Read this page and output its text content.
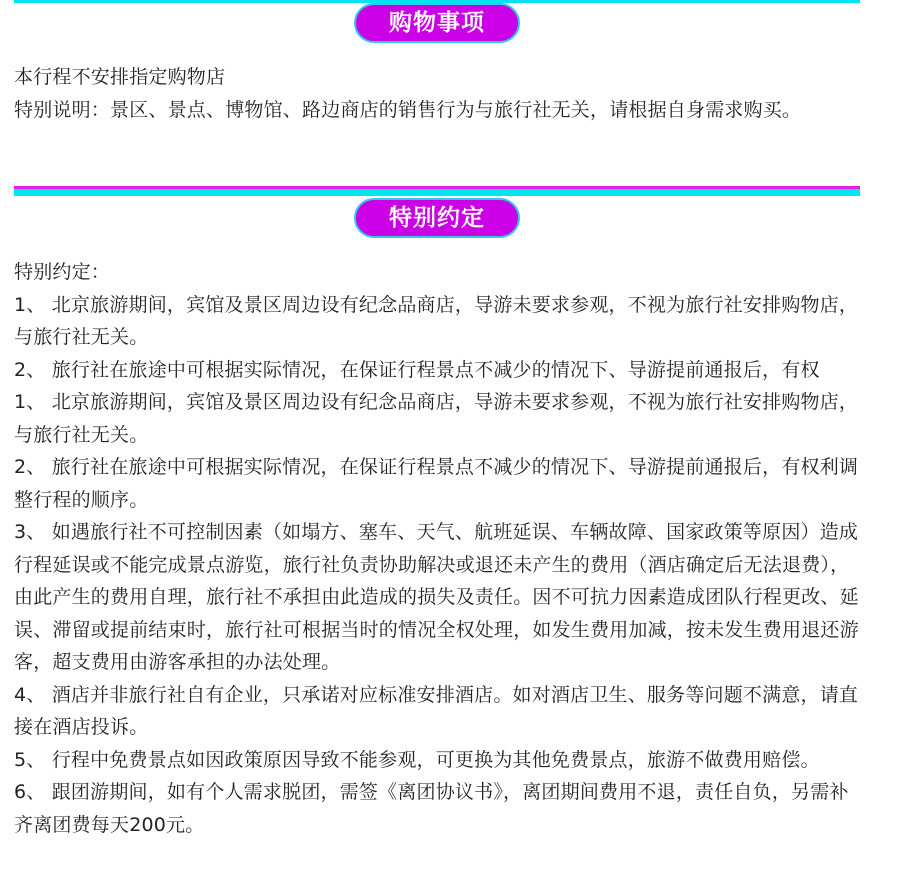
购物事项

本行程不安排指定购物店

特别说明：景区、景点、博物馆、路边商店的销售行为与旅行社无关，请根据自身需求购买。

特别约定

特别约定：

1、 北京旅游期间，宾馆及景区周边设有纪念品商店，导游未要求参观，不视为旅行社安排购物店，与旅行社无关。

2、 旅行社在旅途中可根据实际情况，在保证行程景点不减少的情况下、导游提前通报后，有权

1、 北京旅游期间，宾馆及景区周边设有纪念品商店，导游未要求参观，不视为旅行社安排购物店，与旅行社无关。

2、 旅行社在旅途中可根据实际情况，在保证行程景点不减少的情况下、导游提前通报后，有权利调整行程的顺序。

3、 如遇旅行社不可控制因素（如塌方、塞车、天气、航班延误、车辆故障、国家政策等原因）造成行程延误或不能完成景点游览，旅行社负责协助解决或退还未产生的费用（酒店确定后无法退费），由此产生的费用自理，旅行社不承担由此造成的损失及责任。因不可抗力因素造成团队行程更改、延误、滞留或提前结束时，旅行社可根据当时的情况全权处理，如发生费用加减，按未发生费用退还游客，超支费用由游客承担的办法处理。

4、 酒店并非旅行社自有企业，只承诺对应标准安排酒店。如对酒店卫生、服务等问题不满意，请直接在酒店投诉。

5、 行程中免费景点如因政策原因导致不能参观，可更换为其他免费景点，旅游不做费用赔偿。

6、 跟团游期间，如有个人需求脱团，需签《离团协议书》，离团期间费用不退，责任自负，另需补齐离团费每天200元。
